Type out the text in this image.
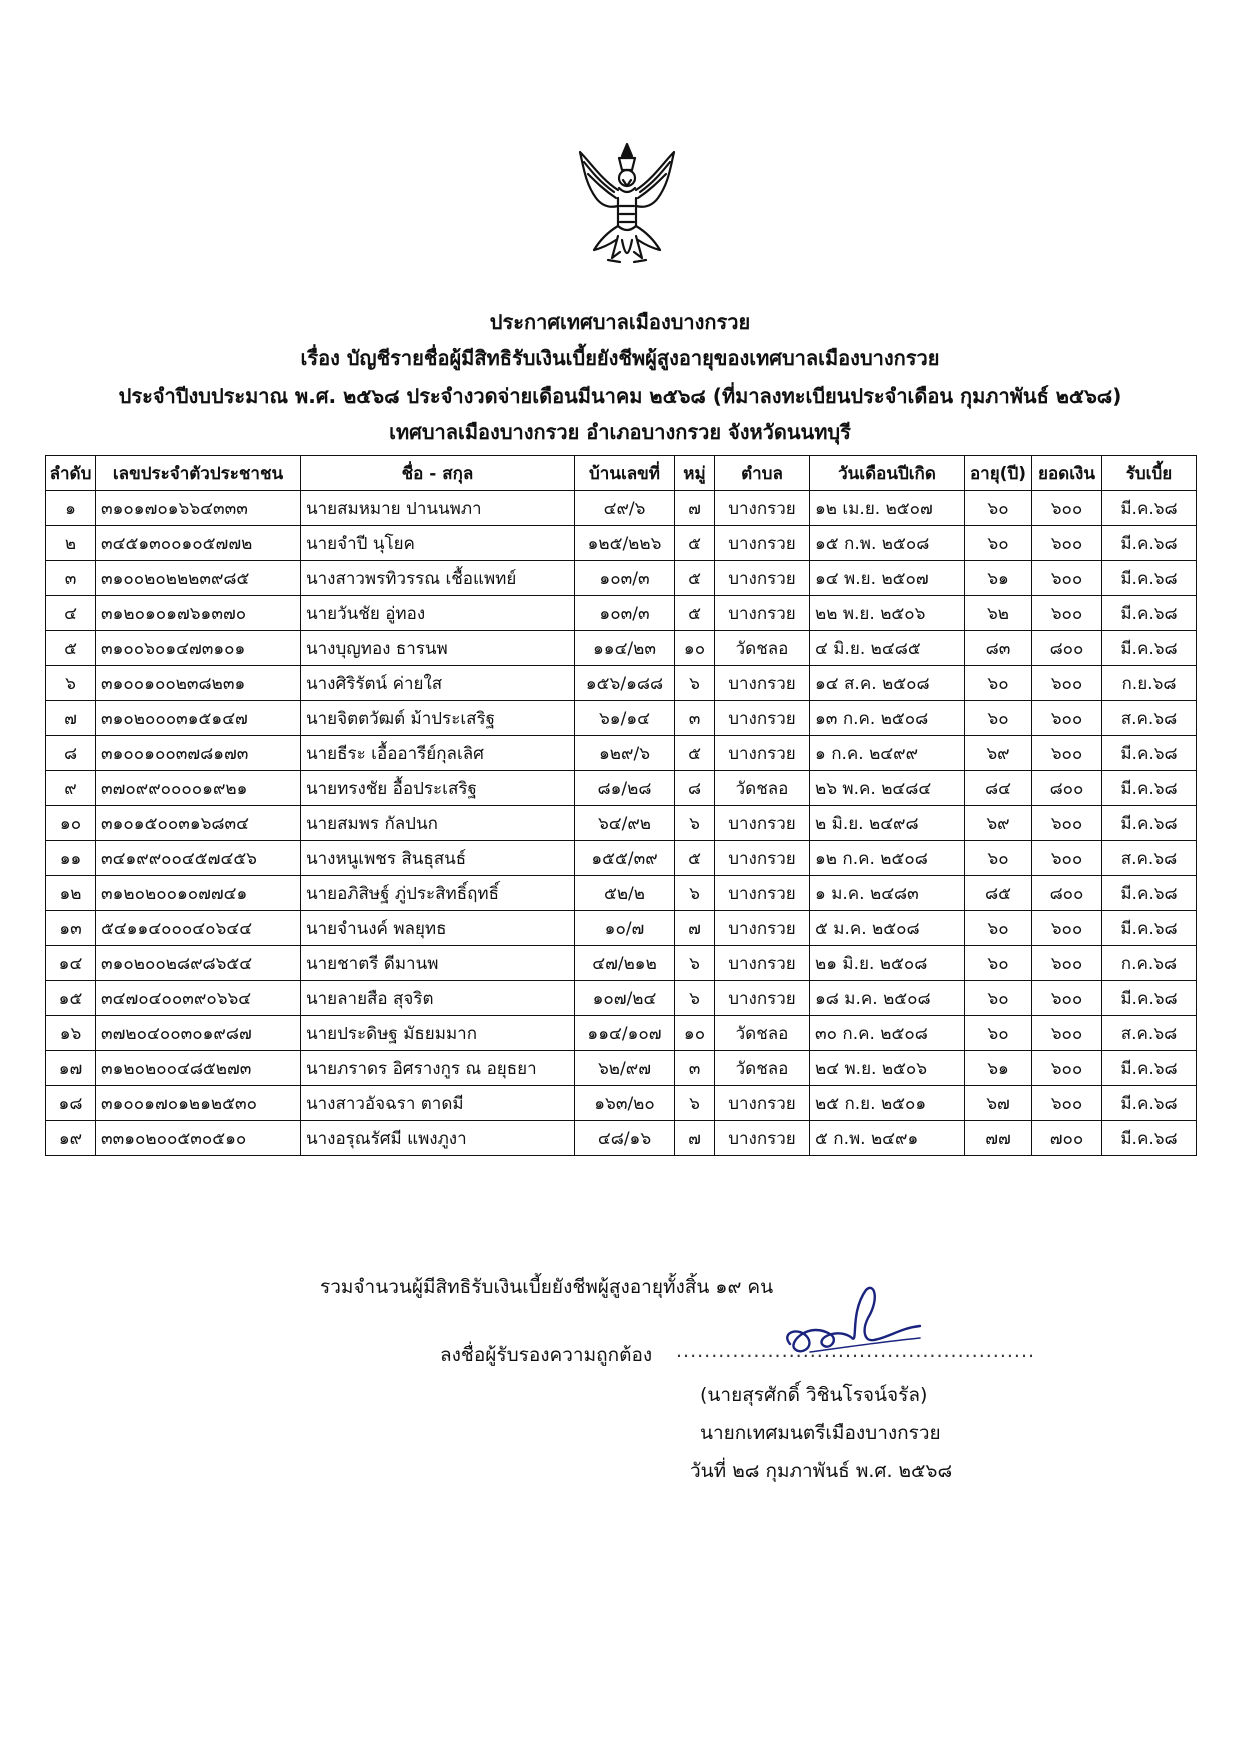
ประกาศเทศบาลเมืองบางกรวย
เรื่อง บัญชีรายชื่อผู้มีสิทธิรับเงินเบี้ยยังชีพผู้สูงอายุของเทศบาลเมืองบางกรวย
ประจำปีงบประมาณ พ.ศ. ๒๕๖๘ ประจำงวดจ่ายเดือนมีนาคม ๒๕๖๘ (ที่มาลงทะเบียนประจำเดือน กุมภาพันธ์ ๒๕๖๘)
เทศบาลเมืองบางกรวย อำเภอบางกรวย จังหวัดนนทบุรี
ลำดับ	เลขประจำตัวประชาชน	ชื่อ - สกุล	บ้านเลขที่	หมู่	ตำบล	วันเดือนปีเกิด	อายุ(ปี)	ยอดเงิน	รับเบี้ย
๑	๓๑๐๑๗๐๑๖๖๔๓๓๓	นายสมหมาย ปานนพภา	๔๙/๖	๗	บางกรวย	๑๒ เม.ย. ๒๕๐๗	๖๐	๖๐๐	มี.ค.๖๘
๒	๓๔๕๑๓๐๐๑๐๕๗๗๒	นายจำปี นุโยค	๑๒๕/๒๒๖	๕	บางกรวย	๑๕ ก.พ. ๒๕๐๘	๖๐	๖๐๐	มี.ค.๖๘
๓	๓๑๐๐๒๐๒๒๒๓๙๘๕	นางสาวพรทิวรรณ เชื้อแพทย์	๑๐๓/๓	๕	บางกรวย	๑๔ พ.ย. ๒๕๐๗	๖๑	๖๐๐	มี.ค.๖๘
๔	๓๑๒๐๑๐๑๗๖๑๓๗๐	นายวันชัย อู่ทอง	๑๐๓/๓	๕	บางกรวย	๒๒ พ.ย. ๒๕๐๖	๖๒	๖๐๐	มี.ค.๖๘
๕	๓๑๐๐๖๐๑๔๗๓๑๐๑	นางบุญทอง ธารนพ	๑๑๔/๒๓	๑๐	วัดชลอ	๔ มิ.ย. ๒๔๘๕	๘๓	๘๐๐	มี.ค.๖๘
๖	๓๑๐๐๑๐๐๒๓๘๒๓๑	นางศิริรัตน์ ค่ายใส	๑๕๖/๑๘๘	๖	บางกรวย	๑๔ ส.ค. ๒๕๐๘	๖๐	๖๐๐	ก.ย.๖๘
๗	๓๑๐๒๐๐๐๓๑๕๑๔๗	นายจิตตวัฒต์ ม้าประเสริฐ	๖๑/๑๔	๓	บางกรวย	๑๓ ก.ค. ๒๕๐๘	๖๐	๖๐๐	ส.ค.๖๘
๘	๓๑๐๐๑๐๐๓๗๘๑๗๓	นายธีระ เอื้ออารีย์กุลเลิศ	๑๒๙/๖	๕	บางกรวย	๑ ก.ค. ๒๔๙๙	๖๙	๖๐๐	มี.ค.๖๘
๙	๓๗๐๙๙๐๐๐๐๑๙๒๑	นายทรงชัย อื้อประเสริฐ	๘๑/๒๘	๘	วัดชลอ	๒๖ พ.ค. ๒๔๘๔	๘๔	๘๐๐	มี.ค.๖๘
๑๐	๓๑๐๑๕๐๐๓๑๖๘๓๔	นายสมพร กัลปนก	๖๔/๙๒	๖	บางกรวย	๒ มิ.ย. ๒๔๙๘	๖๙	๖๐๐	มี.ค.๖๘
๑๑	๓๔๑๙๙๐๐๔๕๗๔๕๖	นางหนูเพชร สินธุสนธ์	๑๕๕/๓๙	๕	บางกรวย	๑๒ ก.ค. ๒๕๐๘	๖๐	๖๐๐	ส.ค.๖๘
๑๒	๓๑๒๐๒๐๐๑๐๗๗๔๑	นายอภิสิษฐ์ ภู่ประสิทธิ์ฤทธิ์	๕๒/๒	๖	บางกรวย	๑ ม.ค. ๒๔๘๓	๘๕	๘๐๐	มี.ค.๖๘
๑๓	๕๔๑๑๔๐๐๐๔๐๖๔๔	นายจำนงค์ พลยุทธ	๑๐/๗	๗	บางกรวย	๕ ม.ค. ๒๕๐๘	๖๐	๖๐๐	มี.ค.๖๘
๑๔	๓๑๐๒๐๐๒๘๙๘๖๕๔	นายชาตรี ดีมานพ	๔๗/๒๑๒	๖	บางกรวย	๒๑ มิ.ย. ๒๕๐๘	๖๐	๖๐๐	ก.ค.๖๘
๑๕	๓๔๗๐๔๐๐๓๙๐๖๖๔	นายลายสือ สุจริต	๑๐๗/๒๔	๖	บางกรวย	๑๘ ม.ค. ๒๕๐๘	๖๐	๖๐๐	มี.ค.๖๘
๑๖	๓๗๒๐๔๐๐๓๐๑๙๘๗	นายประดิษฐ มัธยมมาก	๑๑๔/๑๐๗	๑๐	วัดชลอ	๓๐ ก.ค. ๒๕๐๘	๖๐	๖๐๐	ส.ค.๖๘
๑๗	๓๑๒๐๒๐๐๔๘๕๒๗๓	นายภราดร อิศรางกูร ณ อยุธยา	๖๒/๙๗	๓	วัดชลอ	๒๔ พ.ย. ๒๕๐๖	๖๑	๖๐๐	มี.ค.๖๘
๑๘	๓๑๐๐๑๗๐๑๒๑๒๕๓๐	นางสาวอัจฉรา ตาดมี	๑๖๓/๒๐	๖	บางกรวย	๒๕ ก.ย. ๒๕๐๑	๖๗	๖๐๐	มี.ค.๖๘
๑๙	๓๓๑๐๒๐๐๕๓๐๕๑๐	นางอรุณรัศมี แพงภูงา	๔๘/๑๖	๗	บางกรวย	๕ ก.พ. ๒๔๙๑	๗๗	๗๐๐	มี.ค.๖๘
รวมจำนวนผู้มีสิทธิรับเงินเบี้ยยังชีพผู้สูงอายุทั้งสิ้น ๑๙ คน
ลงชื่อผู้รับรองความถูกต้อง ...................................................
(นายสุรศักดิ์ วิชินโรจน์จรัล)
นายกเทศมนตรีเมืองบางกรวย
วันที่ ๒๘ กุมภาพันธ์ พ.ศ. ๒๕๖๘
